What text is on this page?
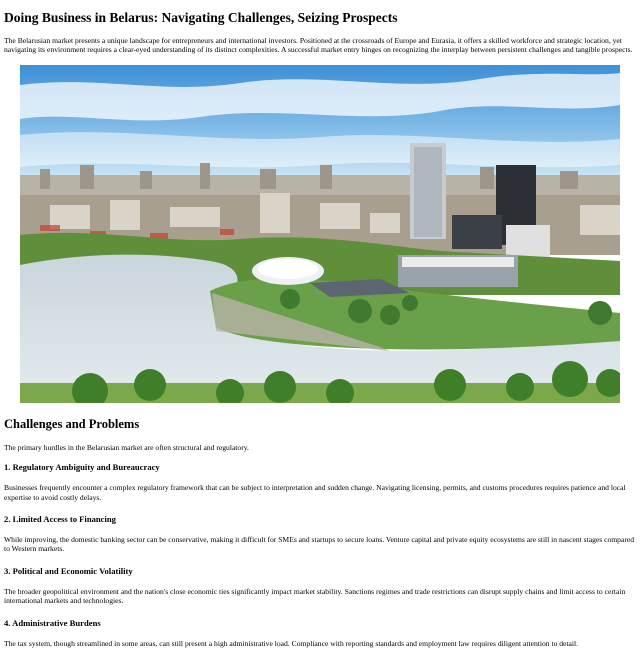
Doing Business in Belarus: Navigating Challenges, Seizing Prospects

The Belarusian market presents a unique landscape for entrepreneurs and international investors. Positioned at the crossroads of Europe and Eurasia, it offers a skilled workforce and strategic location, yet navigating its environment requires a clear-eyed understanding of its distinct complexities. A successful market entry hinges on recognizing the interplay between persistent challenges and tangible prospects.

Challenges and Problems

The primary hurdles in the Belarusian market are often structural and regulatory.

1. Regulatory Ambiguity and Bureaucracy

Businesses frequently encounter a complex regulatory framework that can be subject to interpretation and sudden change. Navigating licensing, permits, and customs procedures requires patience and local expertise to avoid costly delays.

2. Limited Access to Financing

While improving, the domestic banking sector can be conservative, making it difficult for SMEs and startups to secure loans. Venture capital and private equity ecosystems are still in nascent stages compared to Western markets.

3. Political and Economic Volatility

The broader geopolitical environment and the nation's close economic ties significantly impact market stability. Sanctions regimes and trade restrictions can disrupt supply chains and limit access to certain international markets and technologies.

4. Administrative Burdens

The tax system, though streamlined in some areas, can still present a high administrative load. Compliance with reporting standards and employment law requires diligent attention to detail.
